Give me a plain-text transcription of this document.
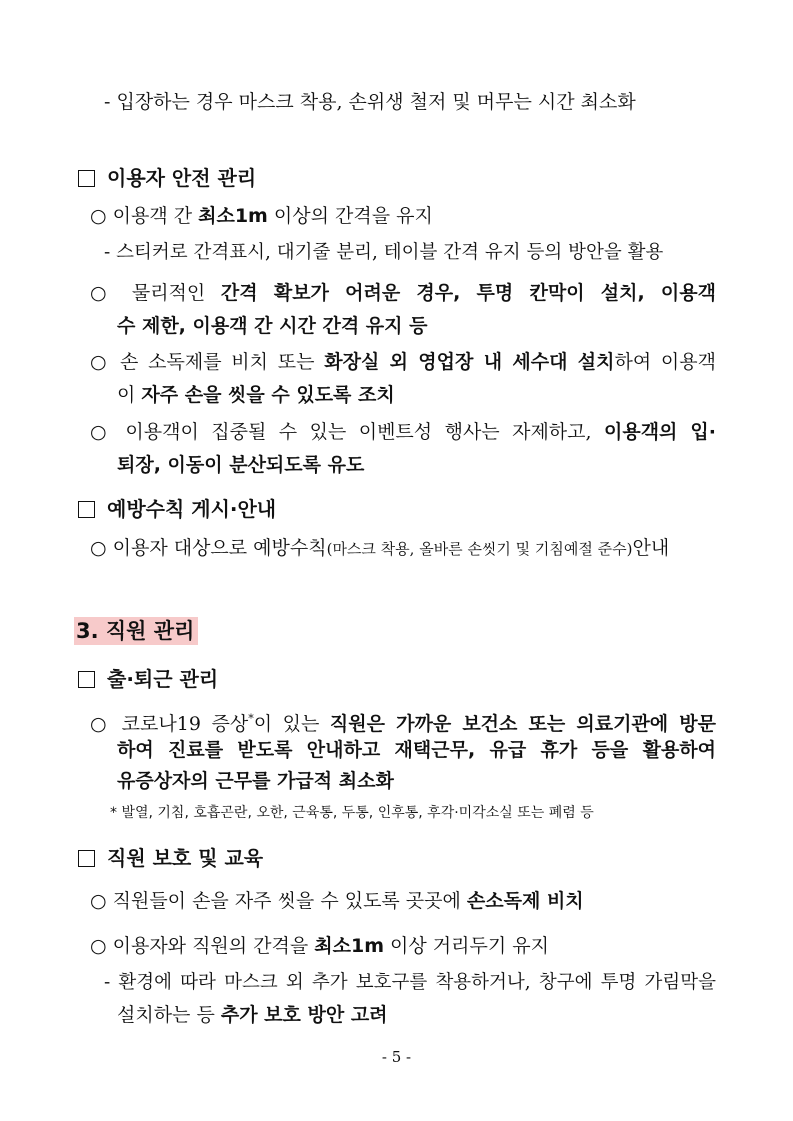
- 입장하는 경우 마스크 착용, 손위생 철저 및 머무는 시간 최소화
이용자 안전 관리
○ 이용객 간 최소1m 이상의 간격을 유지
- 스티커로 간격표시, 대기줄 분리, 테이블 간격 유지 등의 방안을 활용
○ 물리적인 간격 확보가 어려운 경우, 투명 칸막이 설치, 이용객
수 제한, 이용객 간 시간 간격 유지 등
○ 손 소독제를 비치 또는 화장실 외 영업장 내 세수대 설치하여 이용객
이 자주 손을 씻을 수 있도록 조치
○ 이용객이 집중될 수 있는 이벤트성 행사는 자제하고, 이용객의 입·
퇴장, 이동이 분산되도록 유도
예방수칙 게시·안내
○ 이용자 대상으로 예방수칙(마스크 착용, 올바른 손씻기 및 기침예절 준수)안내
3. 직원 관리
출·퇴근 관리
○ 코로나19 증상*이 있는 직원은 가까운 보건소 또는 의료기관에 방문
하여 진료를 받도록 안내하고 재택근무, 유급 휴가 등을 활용하여
유증상자의 근무를 가급적 최소화
* 발열, 기침, 호흡곤란, 오한, 근육통, 두통, 인후통, 후각·미각소실 또는 폐렴 등
직원 보호 및 교육
○ 직원들이 손을 자주 씻을 수 있도록 곳곳에 손소독제 비치
○ 이용자와 직원의 간격을 최소1m 이상 거리두기 유지
- 환경에 따라 마스크 외 추가 보호구를 착용하거나, 창구에 투명 가림막을
설치하는 등 추가 보호 방안 고려
- 5 -
